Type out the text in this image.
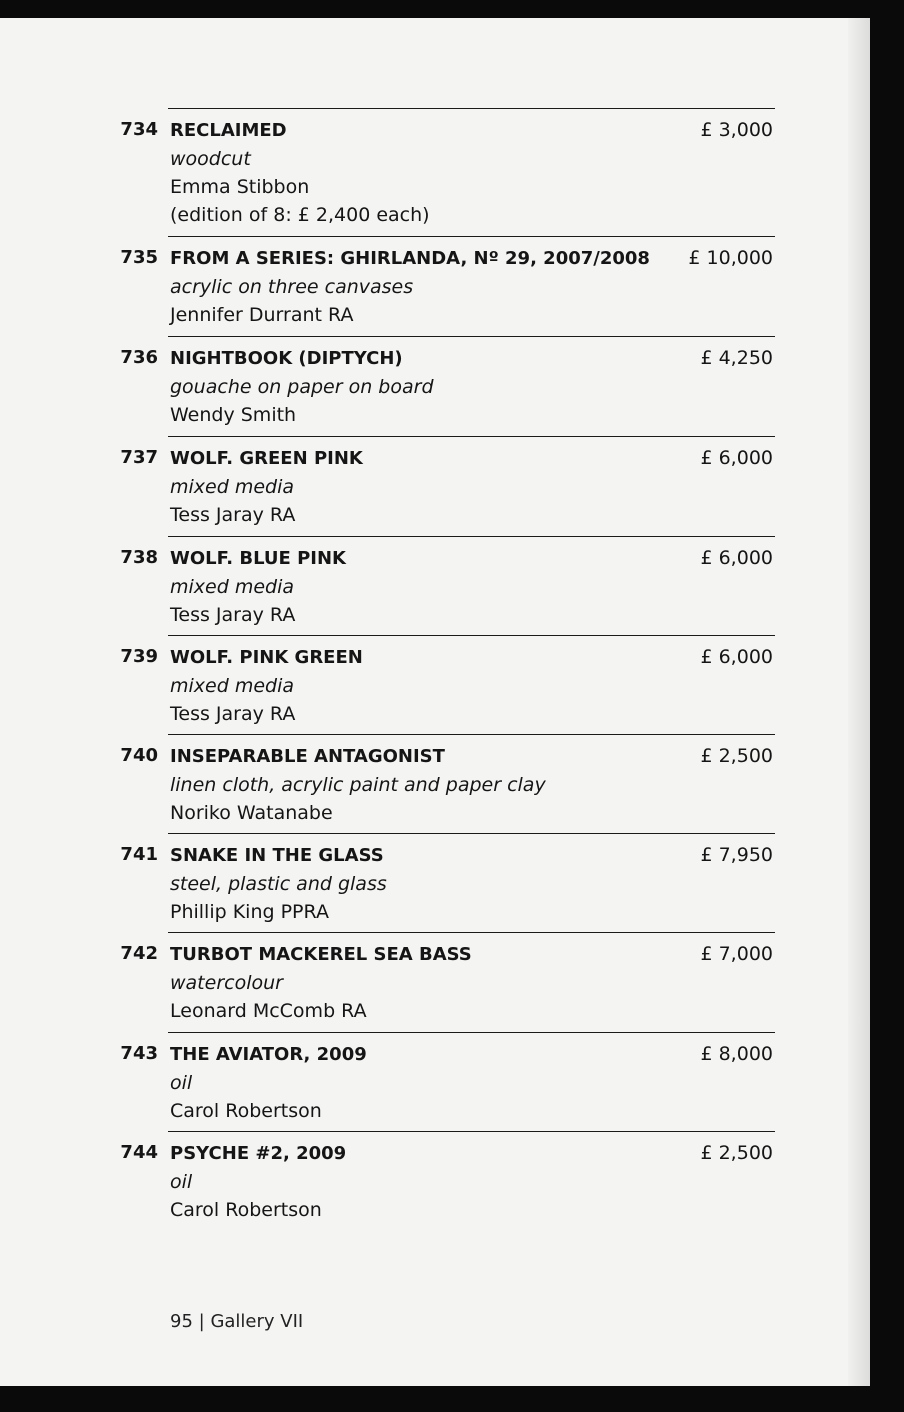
734 RECLAIMED
woodcut
Emma Stibbon
(edition of 8: £ 2,400 each)
£ 3,000
735 FROM A SERIES: GHIRLANDA, Nº 29, 2007/2008
acrylic on three canvases
Jennifer Durrant RA
£ 10,000
736 NIGHTBOOK (DIPTYCH)
gouache on paper on board
Wendy Smith
£ 4,250
737 WOLF. GREEN PINK
mixed media
Tess Jaray RA
£ 6,000
738 WOLF. BLUE PINK
mixed media
Tess Jaray RA
£ 6,000
739 WOLF. PINK GREEN
mixed media
Tess Jaray RA
£ 6,000
740 INSEPARABLE ANTAGONIST
linen cloth, acrylic paint and paper clay
Noriko Watanabe
£ 2,500
741 SNAKE IN THE GLASS
steel, plastic and glass
Phillip King PPRA
£ 7,950
742 TURBOT MACKEREL SEA BASS
watercolour
Leonard McComb RA
£ 7,000
743 THE AVIATOR, 2009
oil
Carol Robertson
£ 8,000
744 PSYCHE #2, 2009
oil
Carol Robertson
£ 2,500
95 | Gallery VII
